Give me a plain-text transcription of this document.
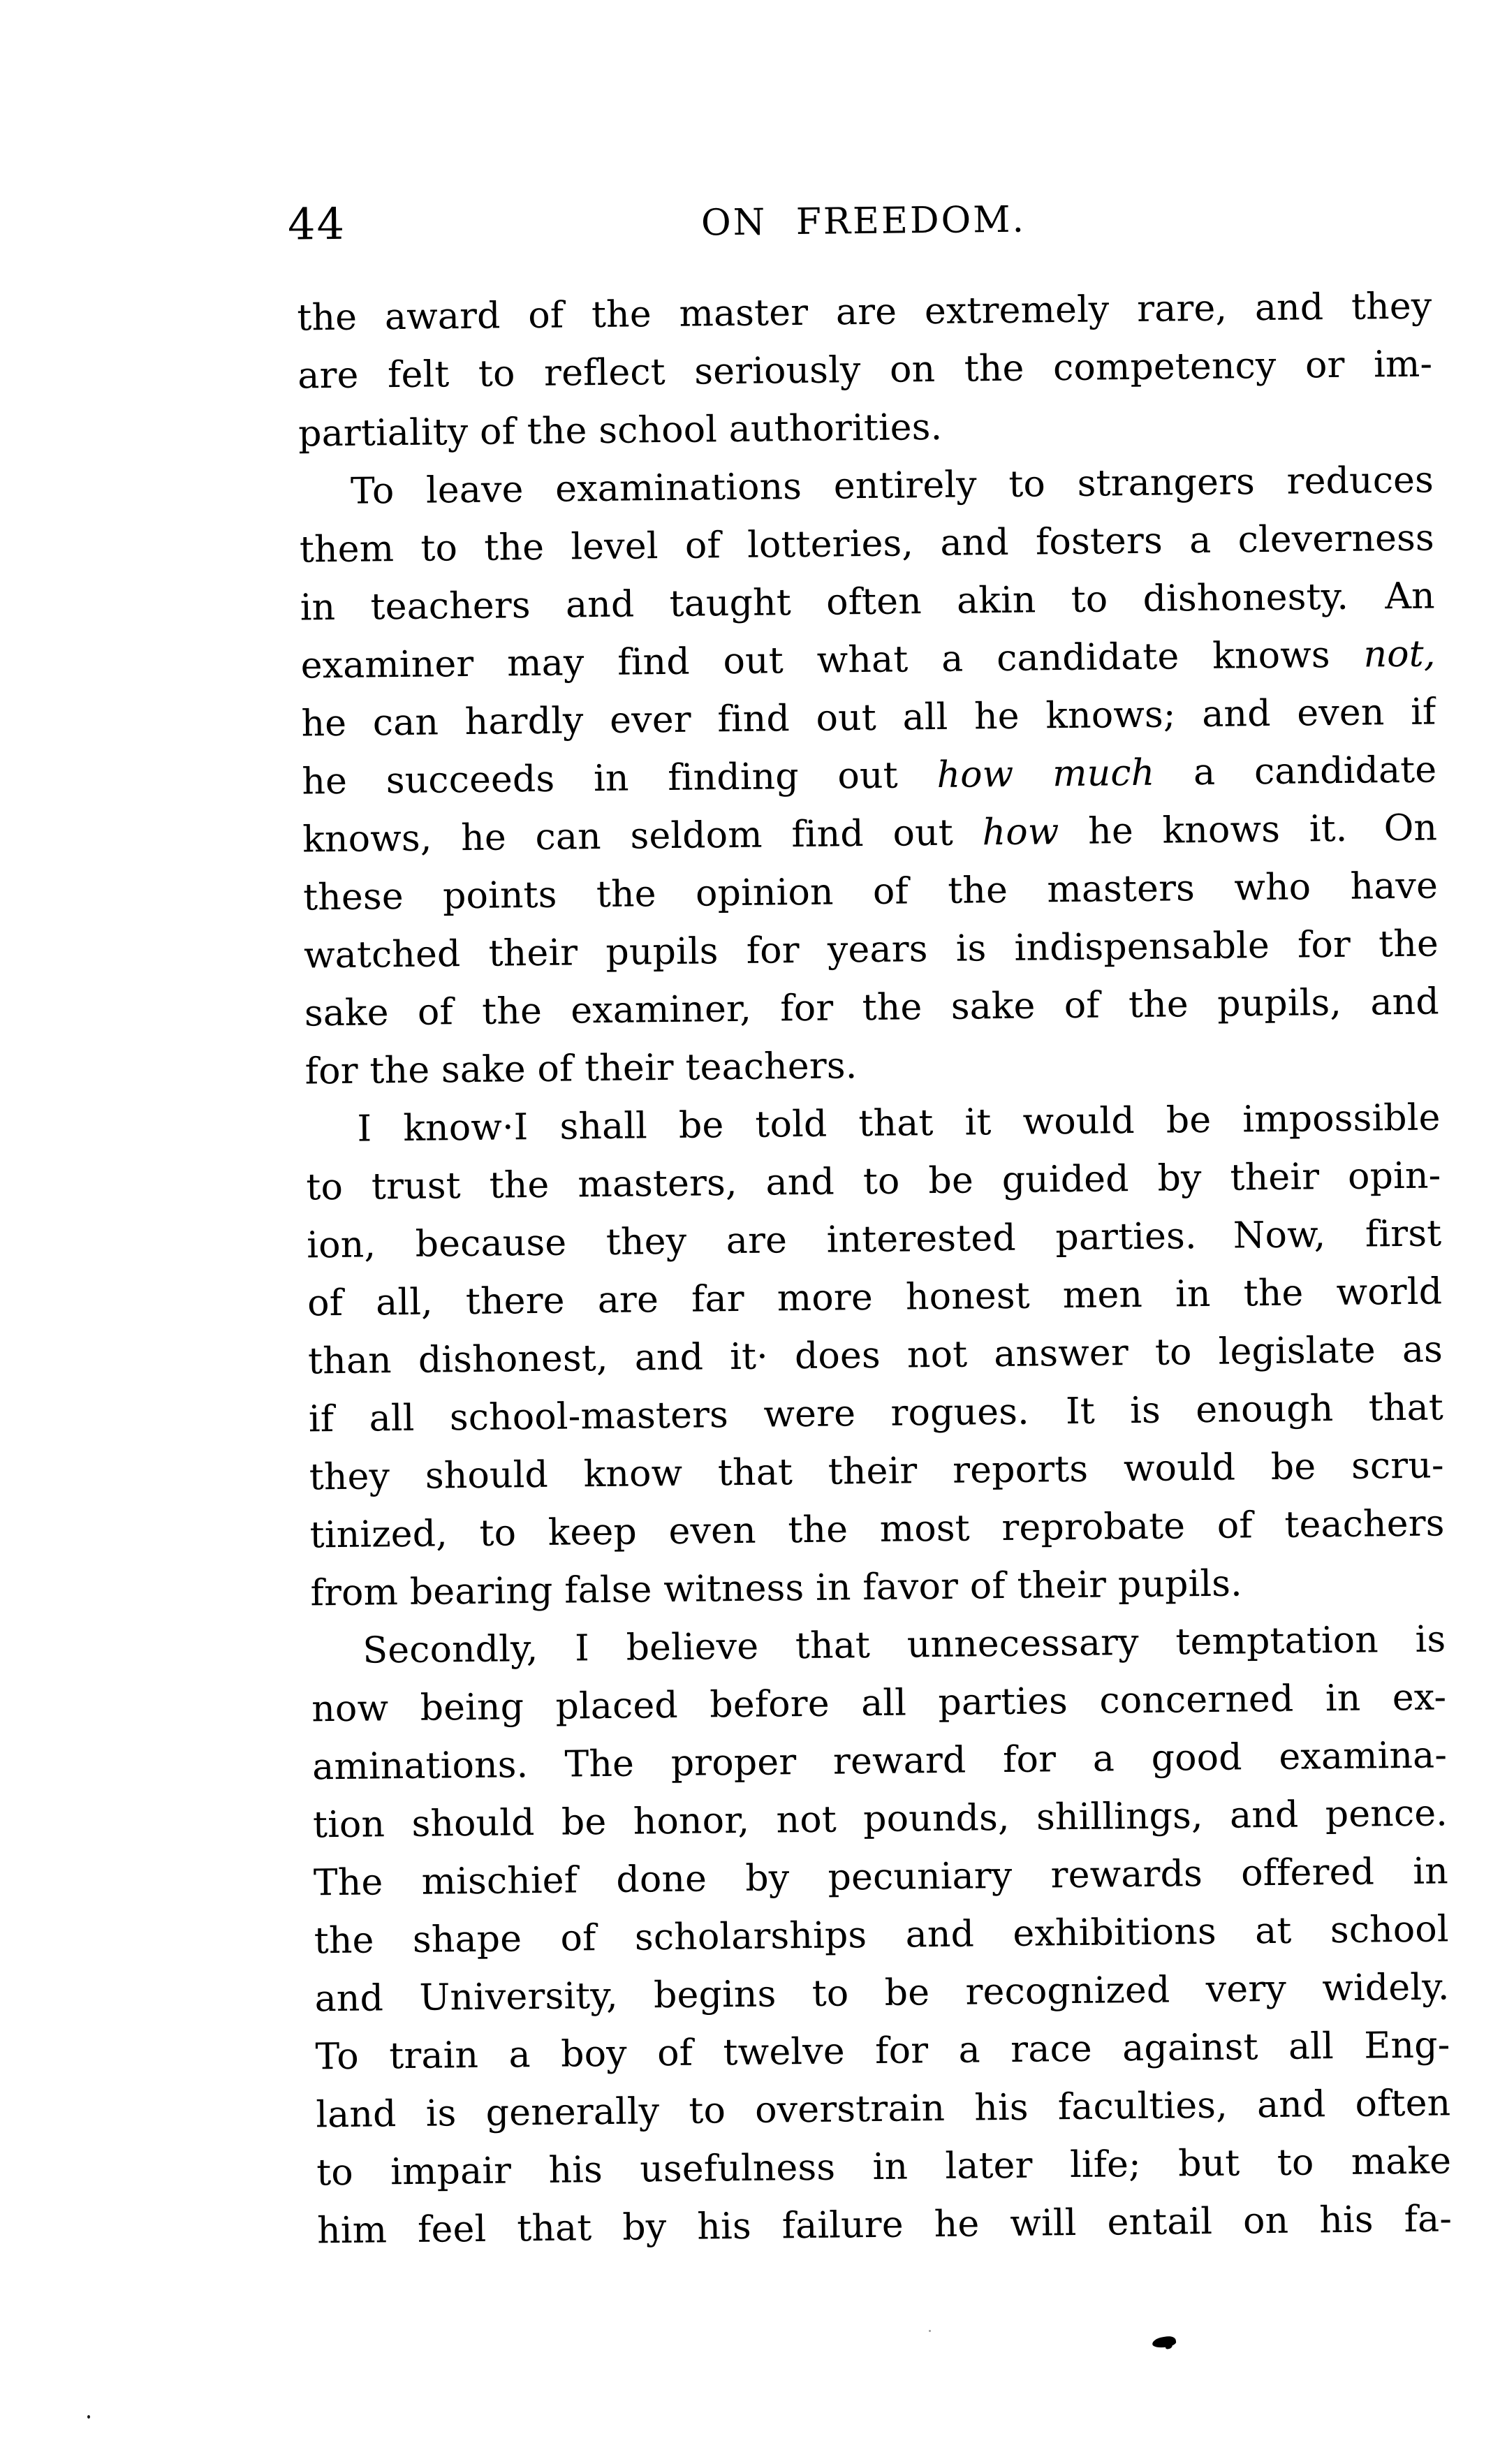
44	ON FREEDOM.
the award of the master are extremely rare, and they
are felt to reflect seriously on the competency or im-
partiality of the school authorities.
To leave examinations entirely to strangers reduces
them to the level of lotteries, and fosters a cleverness
in teachers and taught often akin to dishonesty. An
examiner may find out what a candidate knows not,
he can hardly ever find out all he knows; and even if
he succeeds in finding out how much a candidate
knows, he can seldom find out how he knows it. On
these points the opinion of the masters who have
watched their pupils for years is indispensable for the
sake of the examiner, for the sake of the pupils, and
for the sake of their teachers.
I know·I shall be told that it would be impossible
to trust the masters, and to be guided by their opin-
ion, because they are interested parties. Now, first
of all, there are far more honest men in the world
than dishonest, and it· does not answer to legislate as
if all school-masters were rogues. It is enough that
they should know that their reports would be scru-
tinized, to keep even the most reprobate of teachers
from bearing false witness in favor of their pupils.
Secondly, I believe that unnecessary temptation is
now being placed before all parties concerned in ex-
aminations. The proper reward for a good examina-
tion should be honor, not pounds, shillings, and pence.
The mischief done by pecuniary rewards offered in
the shape of scholarships and exhibitions at school
and University, begins to be recognized very widely.
To train a boy of twelve for a race against all Eng-
land is generally to overstrain his faculties, and often
to impair his usefulness in later life; but to make
him feel that by his failure he will entail on his fa-
